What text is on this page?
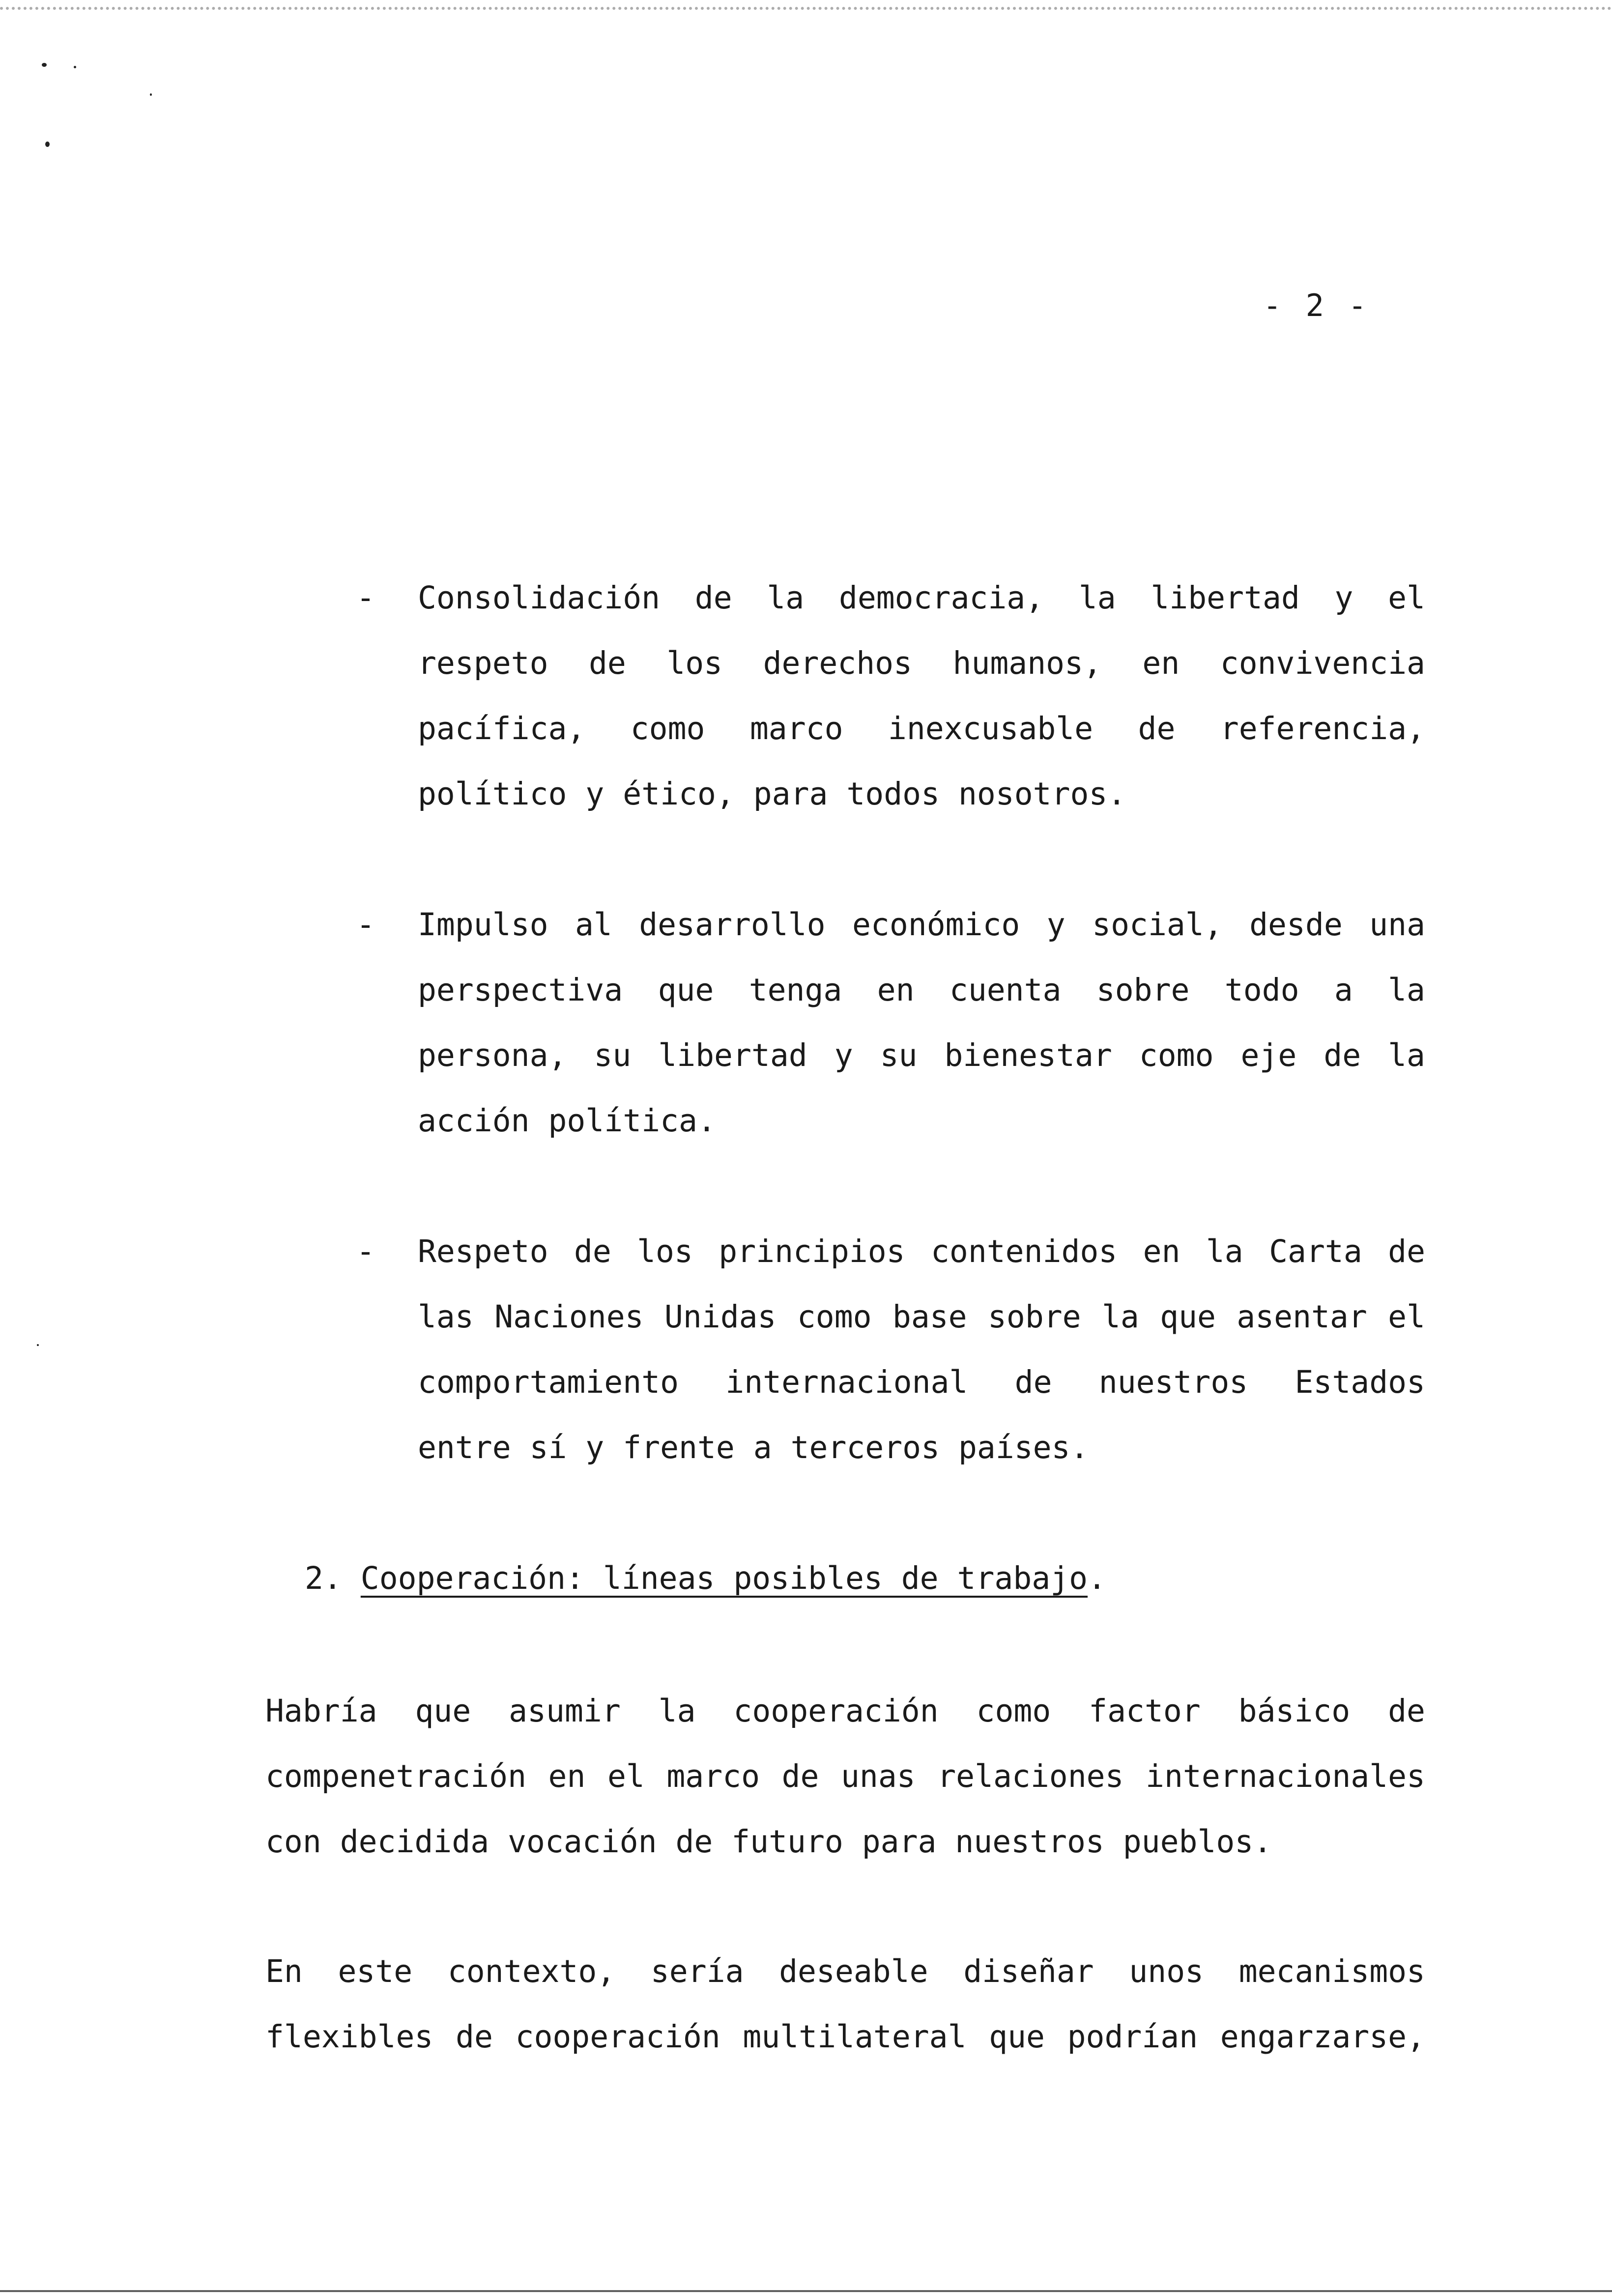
- 2 -
- Consolidación de la democracia, la libertad y el
respeto de los derechos humanos, en convivencia
pacífica, como marco inexcusable de referencia,
político y ético, para todos nosotros.
- Impulso al desarrollo económico y social, desde una
perspectiva que tenga en cuenta sobre todo a la
persona, su libertad y su bienestar como eje de la
acción política.
- Respeto de los principios contenidos en la Carta de
las Naciones Unidas como base sobre la que asentar el
comportamiento internacional de nuestros Estados
entre sí y frente a terceros países.
2. Cooperación: líneas posibles de trabajo.
Habría que asumir la cooperación como factor básico de
compenetración en el marco de unas relaciones internacionales
con decidida vocación de futuro para nuestros pueblos.
En este contexto, sería deseable diseñar unos mecanismos
flexibles de cooperación multilateral que podrían engarzarse,
